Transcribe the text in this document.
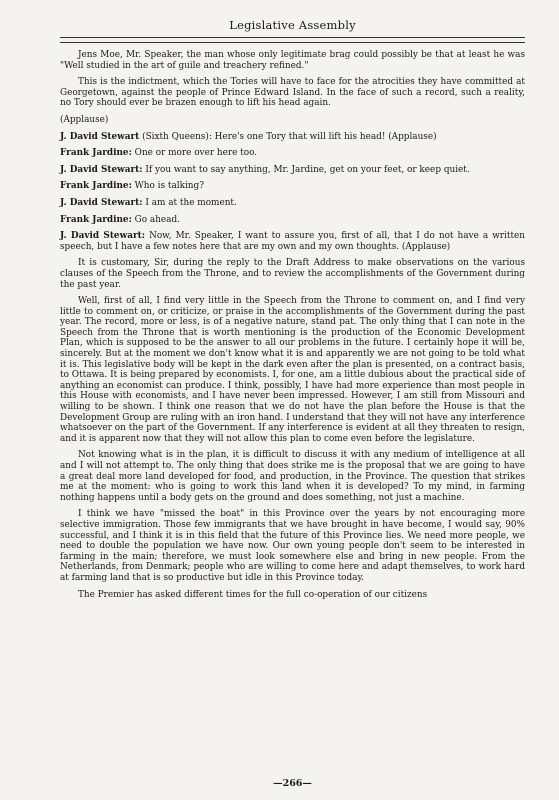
Legislative Assembly

Jens Moe, Mr. Speaker, the man whose only legitimate brag could possibly be that at least he was "Well studied in the art of guile and treachery refined."

This is the indictment, which the Tories will have to face for the atrocities they have committed at Georgetown, against the people of Prince Edward Island. In the face of such a record, such a reality, no Tory should ever be brazen enough to lift his head again.

(Applause)

J. David Stewart (Sixth Queens): Here's one Tory that will lift his head! (Applause)

Frank Jardine: One or more over here too.

J. David Stewart: If you want to say anything, Mr. Jardine, get on your feet, or keep quiet.

Frank Jardine: Who is talking?

J. David Stewart: I am at the moment.

Frank Jardine: Go ahead.

J. David Stewart: Now, Mr. Speaker, I want to assure you, first of all, that I do not have a written speech, but I have a few notes here that are my own and my own thoughts. (Applause)

It is customary, Sir, during the reply to the Draft Address to make observations on the various clauses of the Speech from the Throne, and to review the accomplishments of the Government during the past year.

Well, first of all, I find very little in the Speech from the Throne to comment on, and I find very little to comment on, or criticize, or praise in the accomplishments of the Government during the past year. The record, more or less, is of a negative nature, stand pat. The only thing that I can note in the Speech from the Throne that is worth mentioning is the production of the Economic Development Plan, which is supposed to be the answer to all our problems in the future. I certainly hope it will be, sincerely. But at the moment we don't know what it is and apparently we are not going to be told what it is. This legislative body will be kept in the dark even after the plan is presented, on a contract basis, to Ottawa. It is being prepared by economists. I, for one, am a little dubious about the practical side of anything an economist can produce. I think, possibly, I have had more experience than most people in this House with economists, and I have never been impressed. However, I am still from Missouri and willing to be shown. I think one reason that we do not have the plan before the House is that the Development Group are ruling with an iron hand. I understand that they will not have any interference whatsoever on the part of the Government. If any interference is evident at all they threaten to resign, and it is apparent now that they will not allow this plan to come even before the legislature.

Not knowing what is in the plan, it is difficult to discuss it with any medium of intelligence at all and I will not attempt to. The only thing that does strike me is the proposal that we are going to have a great deal more land developed for food, and production, in the Province. The question that strikes me at the moment: who is going to work this land when it is developed? To my mind, in farming nothing happens until a body gets on the ground and does something, not just a machine.

I think we have "missed the boat" in this Province over the years by not encouraging more selective immigration. Those few immigrants that we have brought in have become, I would say, 90% successful, and I think it is in this field that the future of this Province lies. We need more people, we need to double the population we have now. Our own young people don't seem to be interested in farming in the main; therefore, we must look somewhere else and bring in new people. From the Netherlands, from Denmark; people who are willing to come here and adapt themselves, to work hard at farming land that is so productive but idle in this Province today.

The Premier has asked different times for the full co-operation of our citizens

—266—
